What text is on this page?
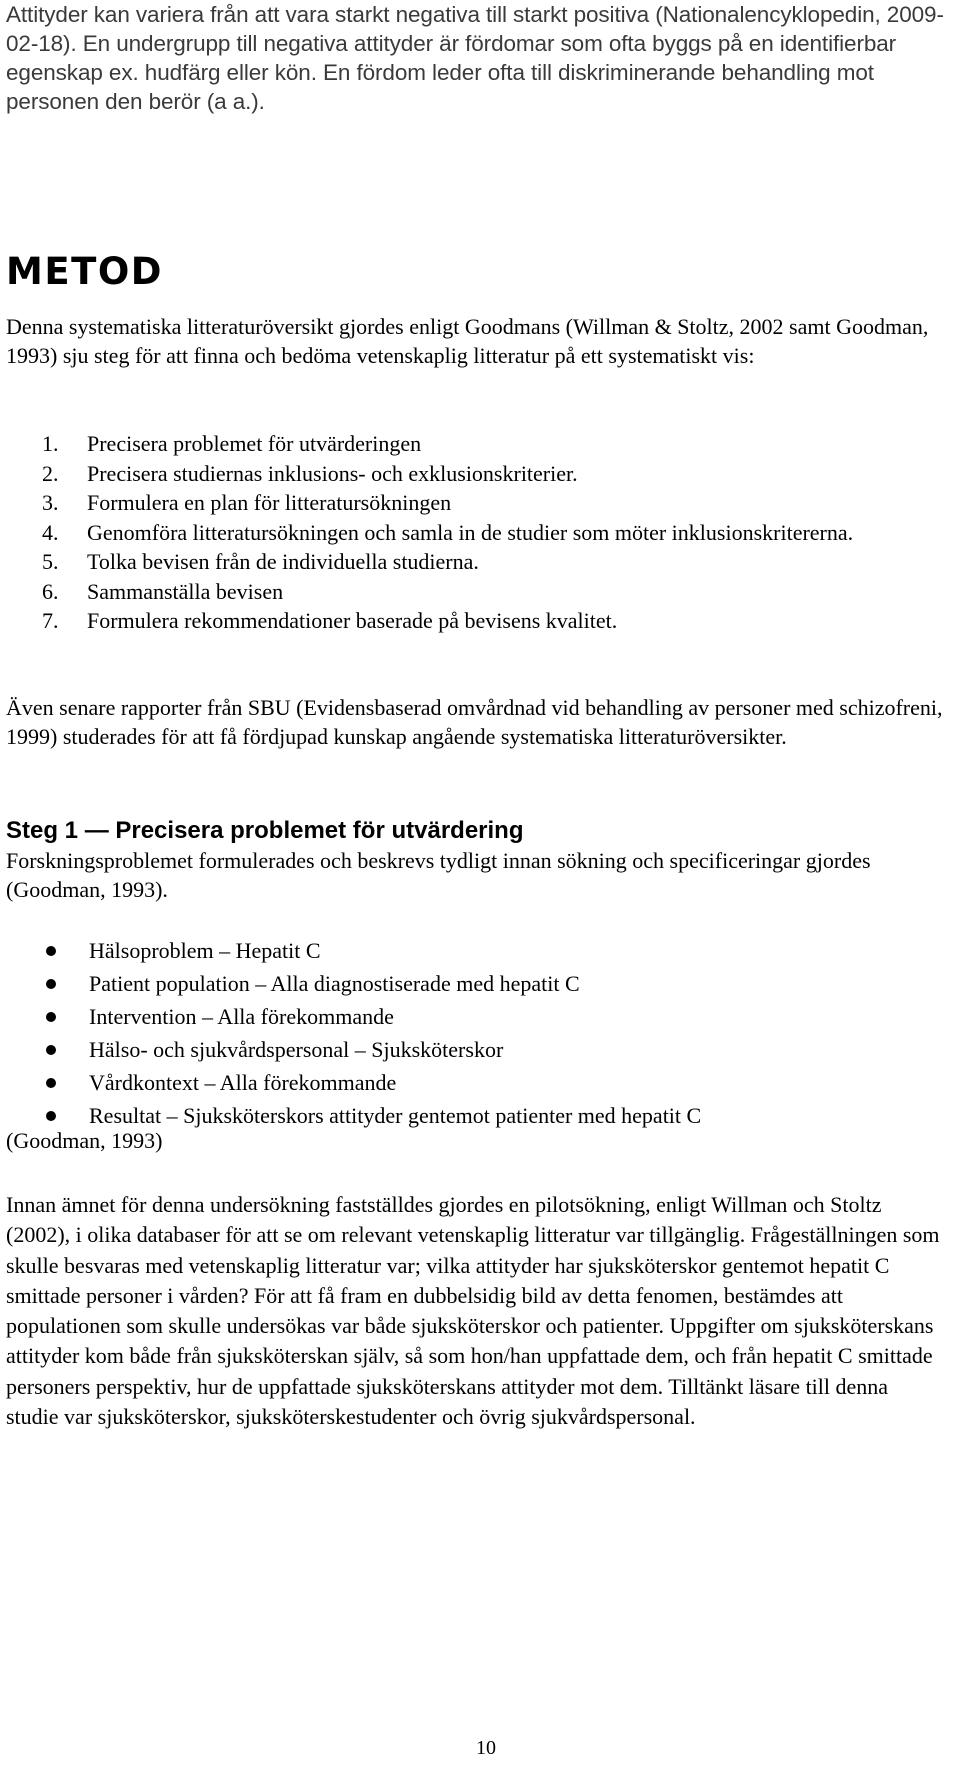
Attityder kan variera från att vara starkt negativa till starkt positiva (Nationalencyklopedin, 2009-02-18). En undergrupp till negativa attityder är fördomar som ofta byggs på en identifierbar egenskap ex. hudfärg eller kön. En fördom leder ofta till diskriminerande behandling mot personen den berör (a a.).

METOD

Denna systematiska litteraturöversikt gjordes enligt Goodmans (Willman & Stoltz, 2002 samt Goodman, 1993) sju steg för att finna och bedöma vetenskaplig litteratur på ett systematiskt vis:

1. Precisera problemet för utvärderingen
2. Precisera studiernas inklusions- och exklusionskriterier.
3. Formulera en plan för litteratursökningen
4. Genomföra litteratursökningen och samla in de studier som möter inklusionskritererna.
5. Tolka bevisen från de individuella studierna.
6. Sammanställa bevisen
7. Formulera rekommendationer baserade på bevisens kvalitet.

Även senare rapporter från SBU (Evidensbaserad omvårdnad vid behandling av personer med schizofreni, 1999) studerades för att få fördjupad kunskap angående systematiska litteraturöversikter.

Steg 1 — Precisera problemet för utvärdering

Forskningsproblemet formulerades och beskrevs tydligt innan sökning och specificeringar gjordes (Goodman, 1993).

Hälsoproblem – Hepatit C
Patient population – Alla diagnostiserade med hepatit C
Intervention – Alla förekommande
Hälso- och sjukvårdspersonal – Sjuksköterskor
Vårdkontext – Alla förekommande
Resultat – Sjuksköterskors attityder gentemot patienter med hepatit C

(Goodman, 1993)

Innan ämnet för denna undersökning fastställdes gjordes en pilotsökning, enligt Willman och Stoltz (2002), i olika databaser för att se om relevant vetenskaplig litteratur var tillgänglig. Frågeställningen som skulle besvaras med vetenskaplig litteratur var; vilka attityder har sjuksköterskor gentemot hepatit C smittade personer i vården? För att få fram en dubbelsidig bild av detta fenomen, bestämdes att populationen som skulle undersökas var både sjuksköterskor och patienter. Uppgifter om sjuksköterskans attityder kom både från sjuksköterskan själv, så som hon/han uppfattade dem, och från hepatit C smittade personers perspektiv, hur de uppfattade sjuksköterskans attityder mot dem. Tilltänkt läsare till denna studie var sjuksköterskor, sjuksköterskestudenter och övrig sjukvårdspersonal.

10
